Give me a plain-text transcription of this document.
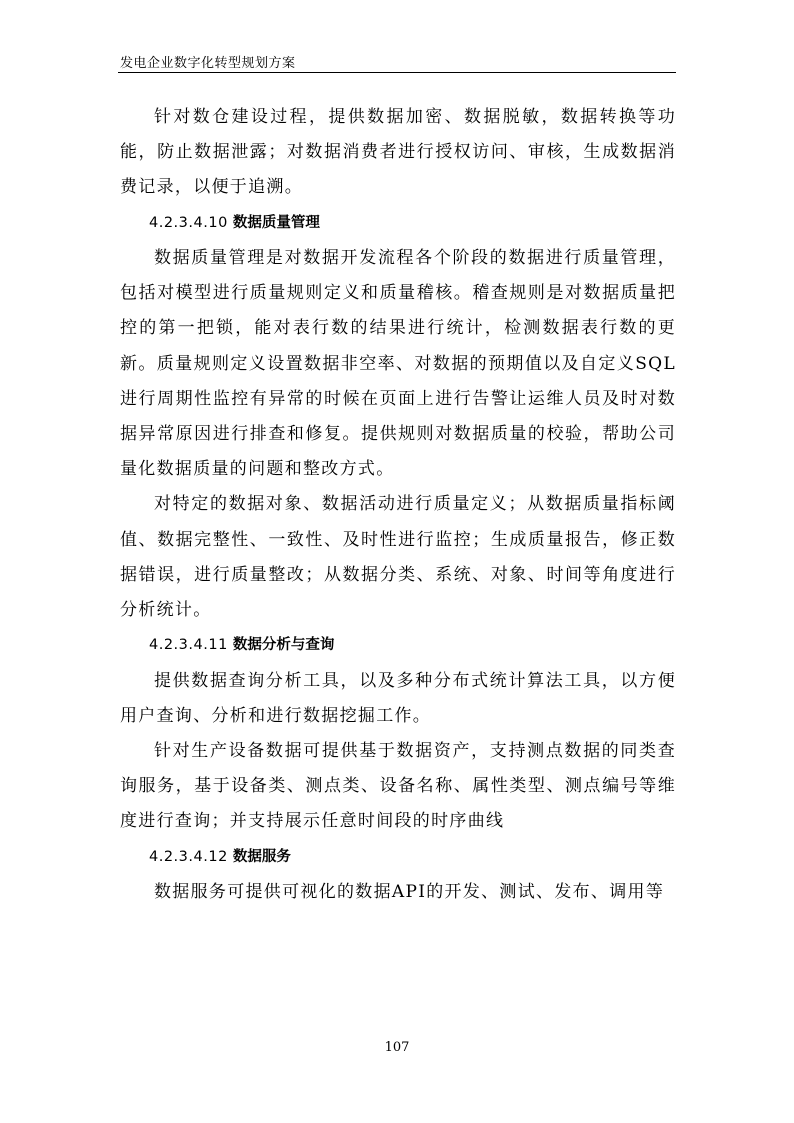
发电企业数字化转型规划方案

针对数仓建设过程，提供数据加密、数据脱敏，数据转换等功能，防止数据泄露；对数据消费者进行授权访问、审核，生成数据消费记录，以便于追溯。

4.2.3.4.10 数据质量管理

数据质量管理是对数据开发流程各个阶段的数据进行质量管理，包括对模型进行质量规则定义和质量稽核。稽查规则是对数据质量把控的第一把锁，能对表行数的结果进行统计，检测数据表行数的更新。质量规则定义设置数据非空率、对数据的预期值以及自定义SQL进行周期性监控有异常的时候在页面上进行告警让运维人员及时对数据异常原因进行排查和修复。提供规则对数据质量的校验，帮助公司量化数据质量的问题和整改方式。

对特定的数据对象、数据活动进行质量定义；从数据质量指标阈值、数据完整性、一致性、及时性进行监控；生成质量报告，修正数据错误，进行质量整改；从数据分类、系统、对象、时间等角度进行分析统计。

4.2.3.4.11 数据分析与查询

提供数据查询分析工具，以及多种分布式统计算法工具，以方便用户查询、分析和进行数据挖掘工作。

针对生产设备数据可提供基于数据资产，支持测点数据的同类查询服务，基于设备类、测点类、设备名称、属性类型、测点编号等维度进行查询；并支持展示任意时间段的时序曲线

4.2.3.4.12 数据服务

数据服务可提供可视化的数据API的开发、测试、发布、调用等

107
